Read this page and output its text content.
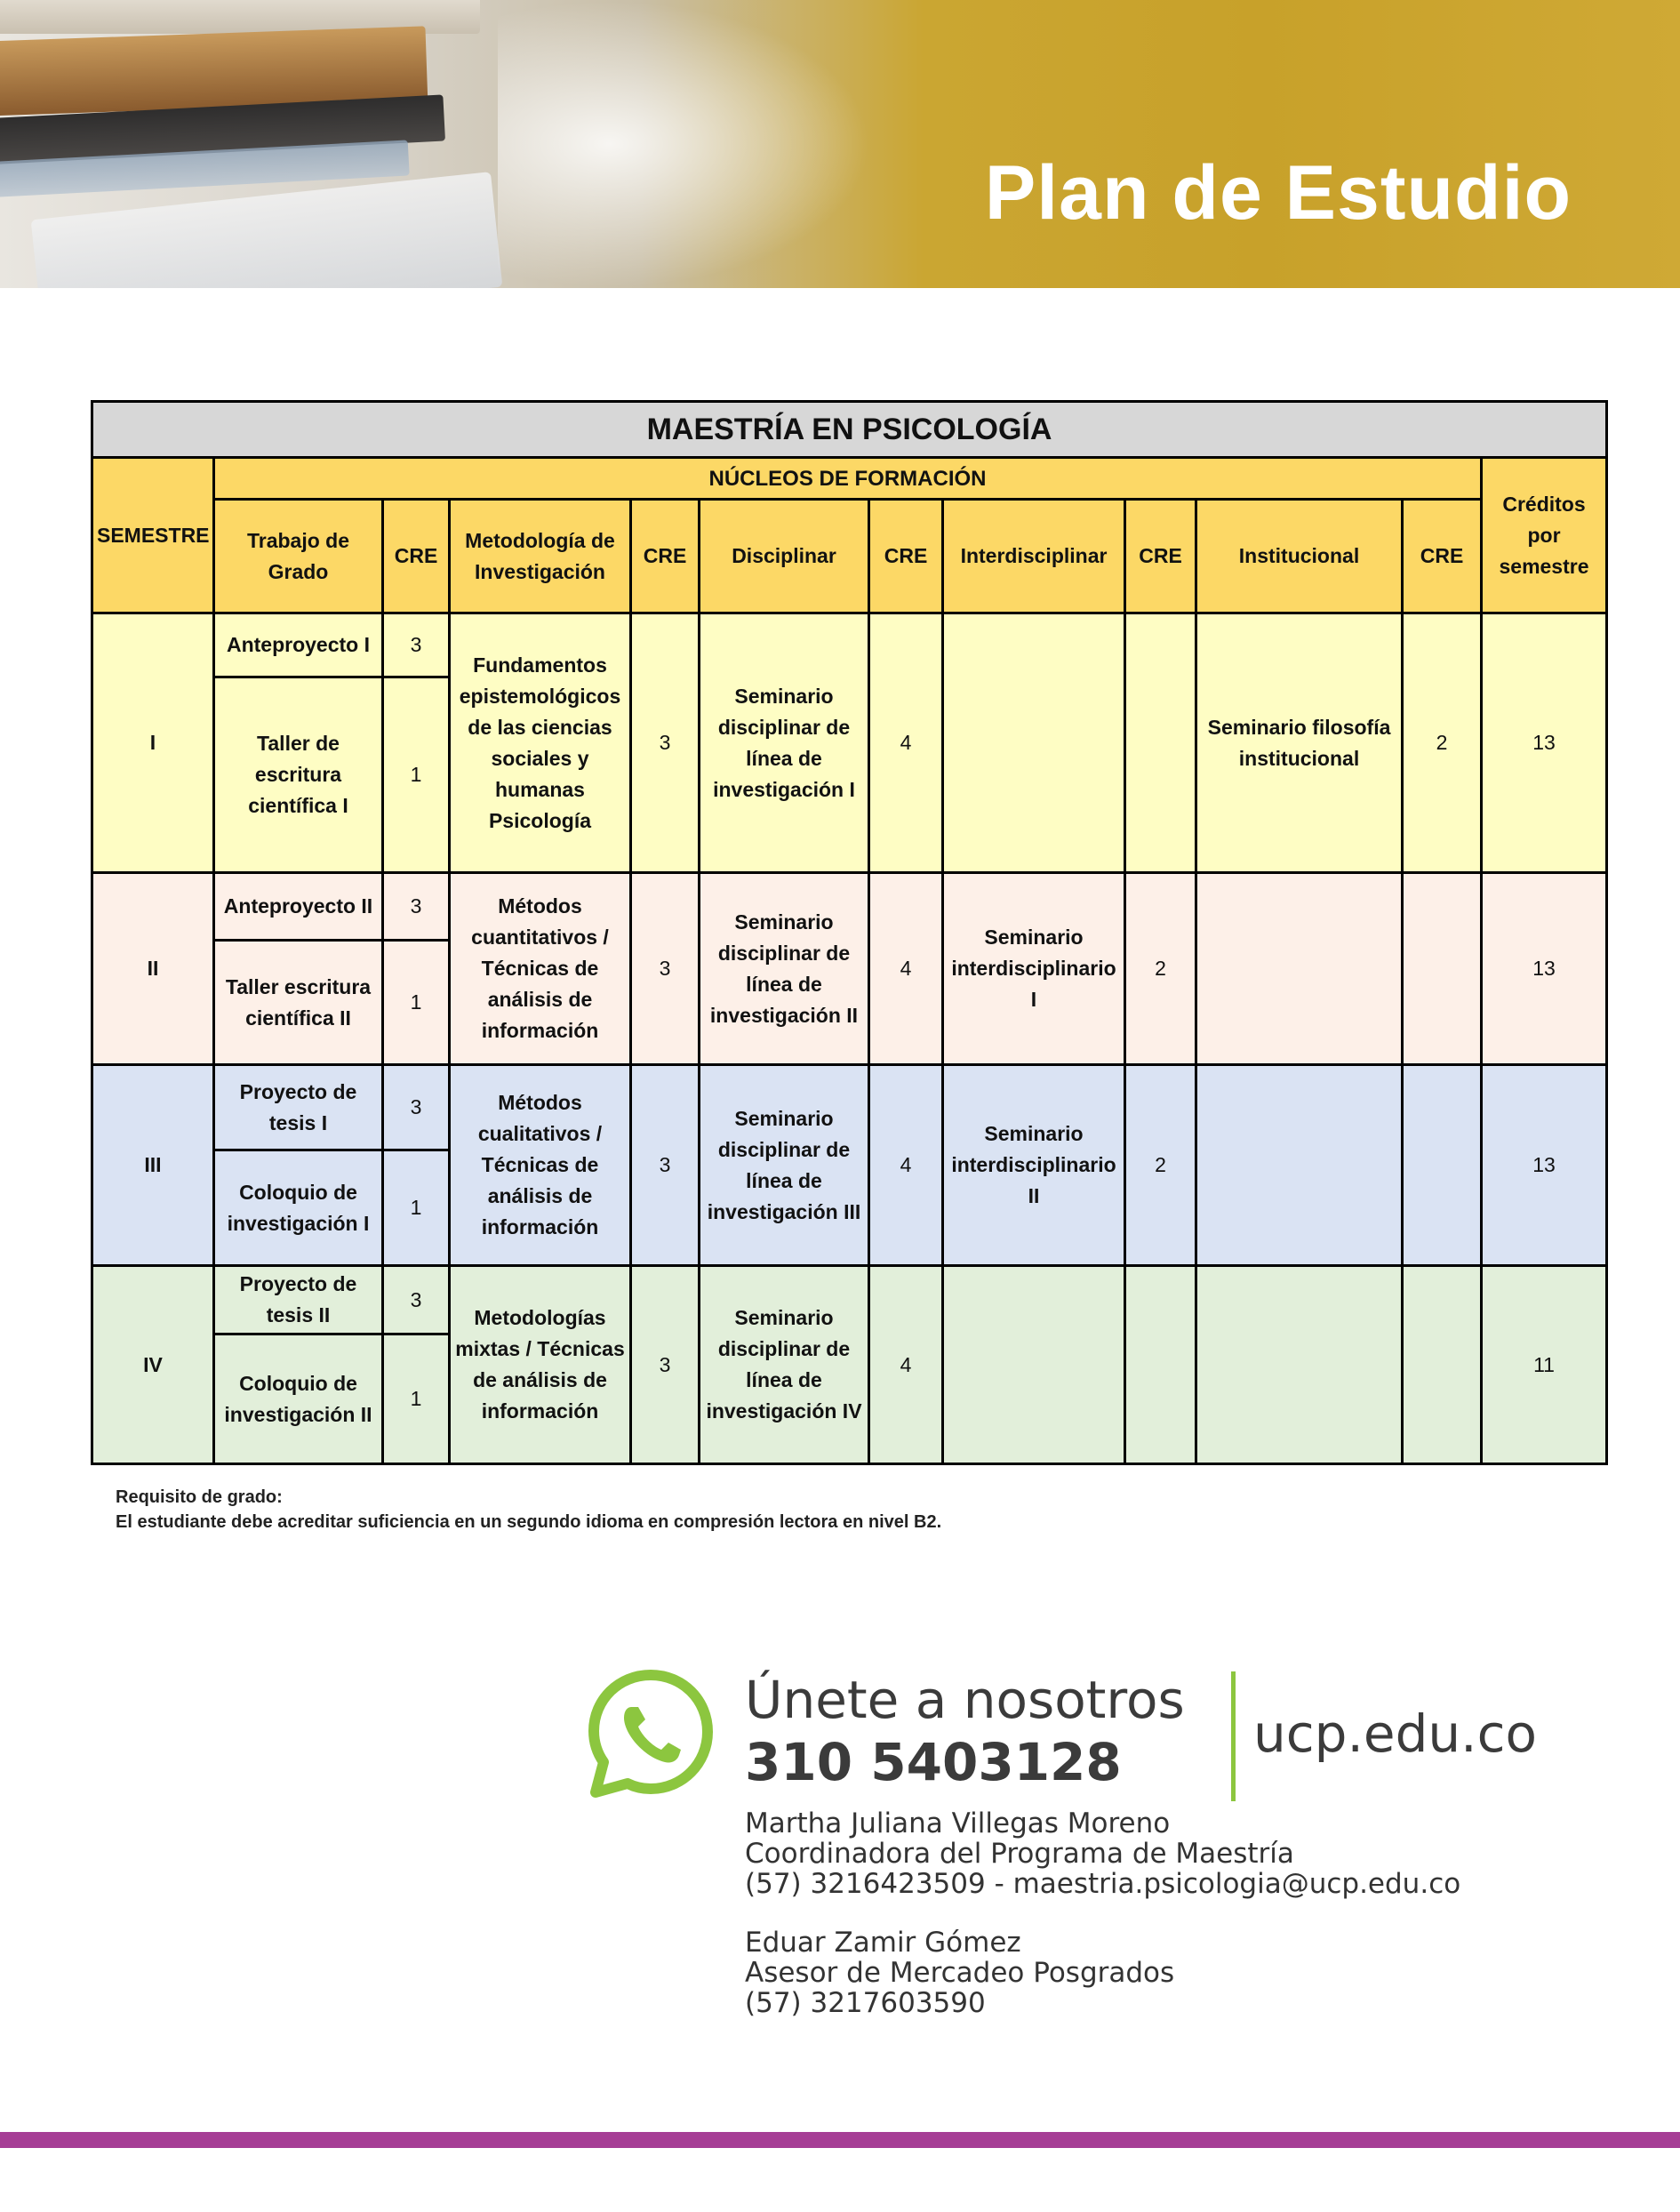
Plan de Estudio
MAESTRÍA EN PSICOLOGÍA											
SEMESTRE	NÚCLEOS DE FORMACIÓN										Créditos por semestre
	Trabajo de Grado	CRE	Metodología de Investigación	CRE	Disciplinar	CRE	Interdisciplinar	CRE	Institucional	CRE	
I	Anteproyecto I	3	Fundamentos epistemológicos de las ciencias sociales y humanas Psicología	3	Seminario disciplinar de línea de investigación I	4			Seminario filosofía institucional	2	13
	Taller de escritura científica I	1									
II	Anteproyecto II	3	Métodos cuantitativos / Técnicas de análisis de información	3	Seminario disciplinar de línea de investigación II	4	Seminario interdisciplinario I	2			13
	Taller escritura científica II	1									
III	Proyecto de tesis I	3	Métodos cualitativos / Técnicas de análisis de información	3	Seminario disciplinar de línea de investigación III	4	Seminario interdisciplinario II	2			13
	Coloquio de investigación I	1									
IV	Proyecto de tesis II	3	Metodologías mixtas / Técnicas de análisis de información	3	Seminario disciplinar de línea de investigación IV	4					11
	Coloquio de investigación II	1									
Requisito de grado:
El estudiante debe acreditar suficiencia en un segundo idioma en compresión lectora en nivel B2.
Únete a nosotros
310 5403128	ucp.edu.co
Martha Juliana Villegas Moreno
Coordinadora del Programa de Maestría
(57) 3216423509 - maestria.psicologia@ucp.edu.co
Eduar Zamir Gómez
Asesor de Mercadeo Posgrados
(57) 3217603590
